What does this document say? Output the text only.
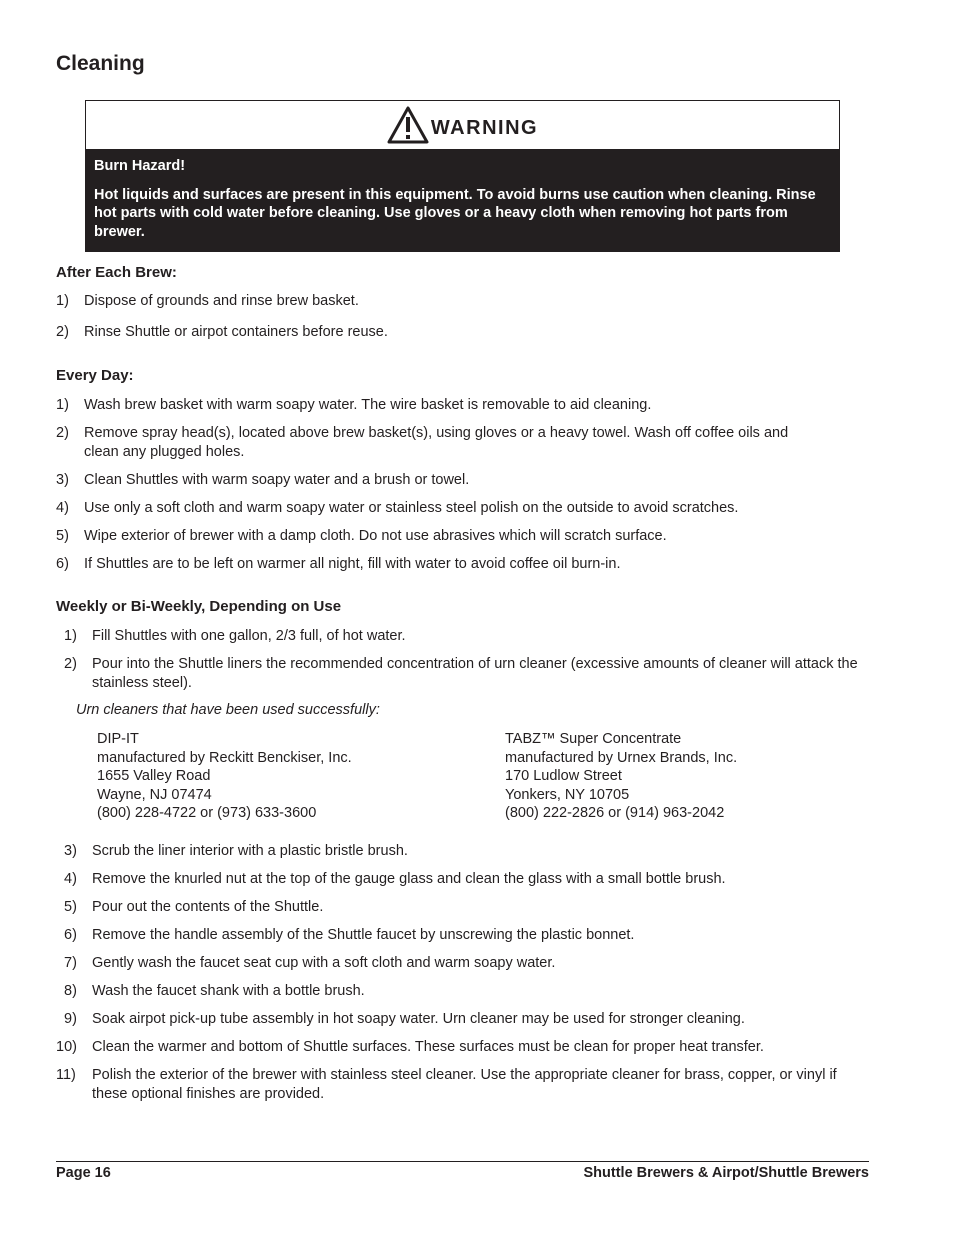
Cleaning
WARNING

Burn Hazard!

Hot liquids and surfaces are present in this equipment. To avoid burns use caution when cleaning. Rinse hot parts with cold water before cleaning. Use gloves or a heavy cloth when removing hot parts from brewer.

After Each Brew:
1) Dispose of grounds and rinse brew basket.
2) Rinse Shuttle or airpot containers before reuse.
Every Day:
1) Wash brew basket with warm soapy water. The wire basket is removable to aid cleaning.
2) Remove spray head(s), located above brew basket(s), using gloves or a heavy towel. Wash off coffee oils and clean any plugged holes.
3) Clean Shuttles with warm soapy water and a brush or towel.
4) Use only a soft cloth and warm soapy water or stainless steel polish on the outside to avoid scratches.
5) Wipe exterior of brewer with a damp cloth. Do not use abrasives which will scratch surface.
6) If Shuttles are to be left on warmer all night, fill with water to avoid coffee oil burn-in.
Weekly or Bi-Weekly, Depending on Use
1) Fill Shuttles with one gallon, 2/3 full, of hot water.
2) Pour into the Shuttle liners the recommended concentration of urn cleaner (excessive amounts of cleaner will attack the stainless steel).
Urn cleaners that have been used successfully:
DIP-IT
manufactured by Reckitt Benckiser, Inc.
1655 Valley Road
Wayne, NJ 07474
(800) 228-4722 or (973) 633-3600
TABZ™ Super Concentrate
manufactured by Urnex Brands, Inc.
170 Ludlow Street
Yonkers, NY 10705
(800) 222-2826 or (914) 963-2042
3) Scrub the liner interior with a plastic bristle brush.
4) Remove the knurled nut at the top of the gauge glass and clean the glass with a small bottle brush.
5) Pour out the contents of the Shuttle.
6) Remove the handle assembly of the Shuttle faucet by unscrewing the plastic bonnet.
7) Gently wash the faucet seat cup with a soft cloth and warm soapy water.
8) Wash the faucet shank with a bottle brush.
9) Soak airpot pick-up tube assembly in hot soapy water. Urn cleaner may be used for stronger cleaning.
10) Clean the warmer and bottom of Shuttle surfaces. These surfaces must be clean for proper heat transfer.
11) Polish the exterior of the brewer with stainless steel cleaner. Use the appropriate cleaner for brass, copper, or vinyl if these optional finishes are provided.
Page 16	Shuttle Brewers & Airpot/Shuttle Brewers
